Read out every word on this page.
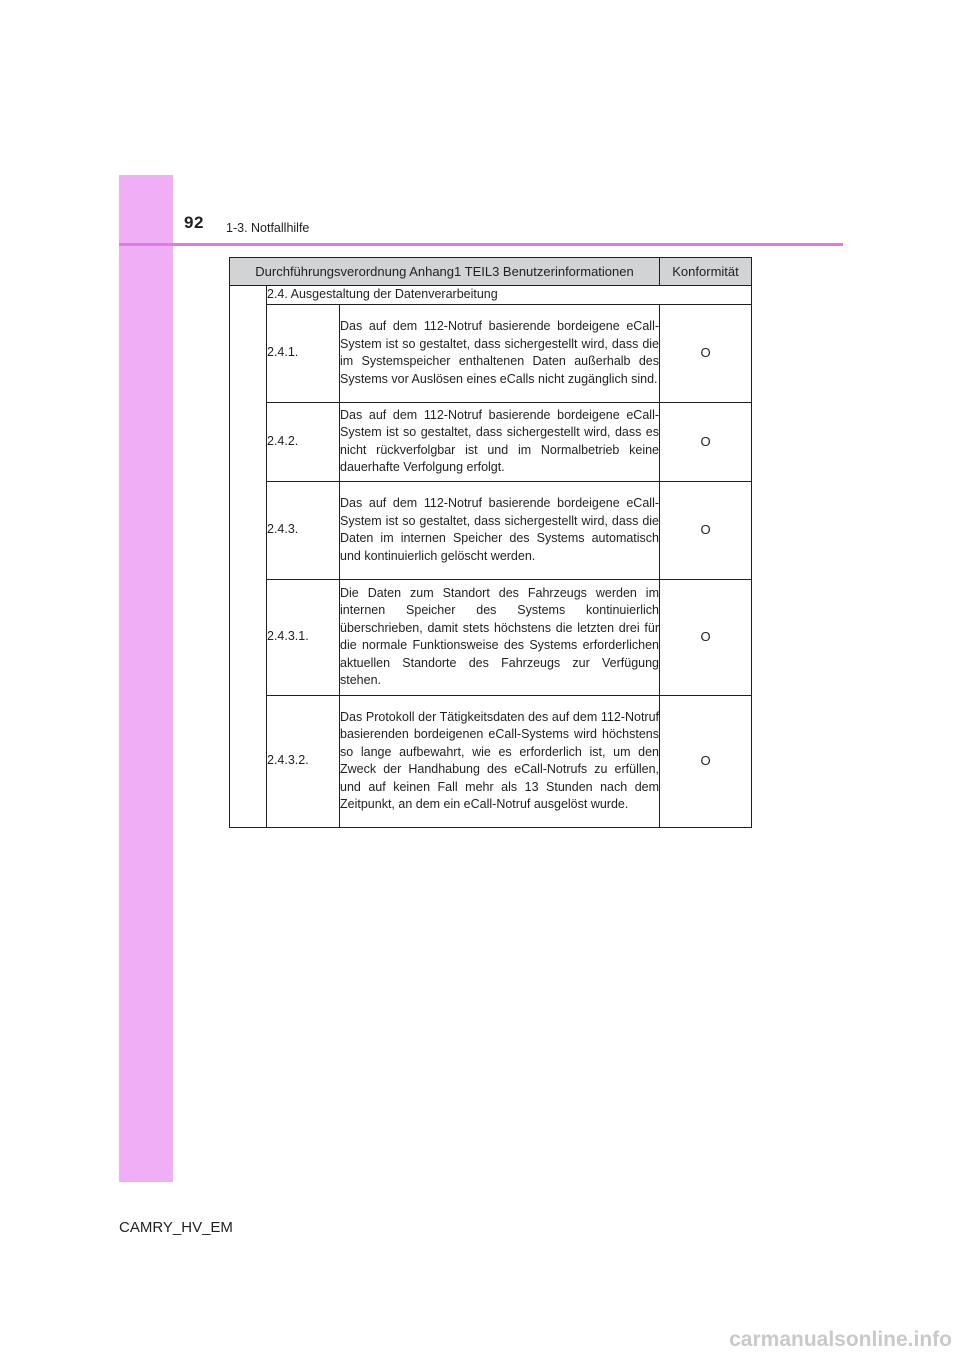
92 1-3. Notfallhilfe
Durchführungsverordnung Anhang1 TEIL3 Benutzerinformationen			Konformität
	2.4. Ausgestaltung der Datenverarbeitung		
	2.4.1.	Das auf dem 112-Notruf basierende bordeigene eCall-System ist so gestaltet, dass sichergestellt wird, dass die im Systemspeicher enthaltenen Daten außerhalb des Systems vor Auslösen eines eCalls nicht zugänglich sind.	O
	2.4.2.	Das auf dem 112-Notruf basierende bordeigene eCall-System ist so gestaltet, dass sichergestellt wird, dass es nicht rückverfolgbar ist und im Normalbetrieb keine dauerhafte Verfolgung erfolgt.	O
	2.4.3.	Das auf dem 112-Notruf basierende bordeigene eCall-System ist so gestaltet, dass sichergestellt wird, dass die Daten im internen Speicher des Systems automatisch und kontinuierlich gelöscht werden.	O
	2.4.3.1.	Die Daten zum Standort des Fahrzeugs werden im internen Speicher des Systems kontinuierlich überschrieben, damit stets höchstens die letzten drei für die normale Funktionsweise des Systems erforderlichen aktuellen Standorte des Fahrzeugs zur Verfügung stehen.	O
	2.4.3.2.	Das Protokoll der Tätigkeitsdaten des auf dem 112-Notruf basierenden bordeigenen eCall-Systems wird höchstens so lange aufbewahrt, wie es erforderlich ist, um den Zweck der Handhabung des eCall-Notrufs zu erfüllen, und auf keinen Fall mehr als 13 Stunden nach dem Zeitpunkt, an dem ein eCall-Notruf ausgelöst wurde.	O
CAMRY_HV_EM
carmanualsonline.info
